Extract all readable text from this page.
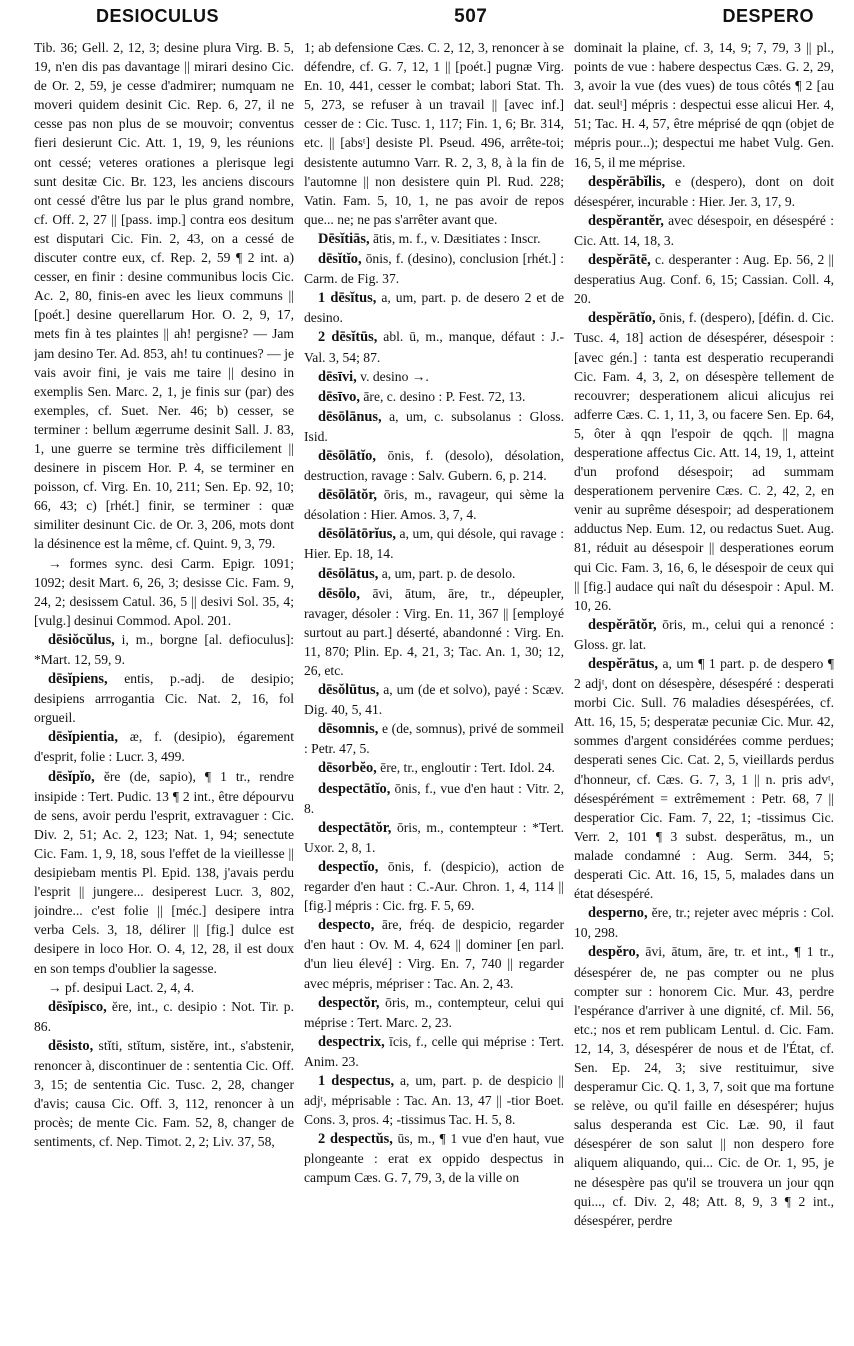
DESIOCULUS	507	DESPERO

Tib. 36; Gell. 2, 12, 3; desine plura Virg. B. 5, 19, n'en dis pas davantage || mirari desino Cic. de Or. 2, 59, je cesse d'admirer; numquam ne moveri quidem desinit Cic. Rep. 6, 27, il ne cesse pas non plus de se mouvoir; conventus fieri desierunt Cic. Att. 1, 19, 9, les réunions ont cessé; veteres orationes a plerisque legi sunt desitæ Cic. Br. 123, les anciens discours ont cessé d'être lus par le plus grand nombre, cf. Off. 2, 27 || [pass. imp.] contra eos desitum est disputari Cic. Fin. 2, 43, on a cessé de discuter contre eux, cf. Rep. 2, 59 ¶ 2 int. a) cesser, en finir : desine communibus locis Cic. Ac. 2, 80, finis-en avec les lieux communs || [poét.] desine querellarum Hor. O. 2, 9, 17, mets fin à tes plaintes || ah! pergisne? — Jam jam desino Ter. Ad. 853, ah! tu continues? — je vais avoir fini, je vais me taire || desino in exemplis Sen. Marc. 2, 1, je finis sur (par) des exemples, cf. Suet. Ner. 46; b) cesser, se terminer : bellum ægerrume desinit Sall. J. 83, 1, une guerre se termine très difficilement || desinere in piscem Hor. P. 4, se terminer en poisson, cf. Virg. En. 10, 211; Sen. Ep. 92, 10; 66, 43; c) [rhét.] finir, se terminer : quæ similiter desinunt Cic. de Or. 3, 206, mots dont la désinence est la même, cf. Quint. 9, 3, 79.

→ formes sync. desi Carm. Epigr. 1091; 1092; desit Mart. 6, 26, 3; desisse Cic. Fam. 9, 24, 2; desissem Catul. 36, 5 || desivi Sol. 35, 4; [vulg.] desinui Commod. Apol. 201.

dēsiŏcŭlus, i, m., borgne [al. defioculus]: *Mart. 12, 59, 9.

dēsĭpiens, entis, p.-adj. de desipio; desipiens arrrogantia Cic. Nat. 2, 16, fol orgueil.

dēsĭpientia, æ, f. (desipio), égarement d'esprit, folie : Lucr. 3, 499.

dēsĭpĭo, ĕre (de, sapio), ¶ 1 tr., rendre insipide : Tert. Pudic. 13 ¶ 2 int., être dépourvu de sens, avoir perdu l'esprit, extravaguer : Cic. Div. 2, 51; Ac. 2, 123; Nat. 1, 94; senectute Cic. Fam. 1, 9, 18, sous l'effet de la vieillesse || desipiebam mentis Pl. Epid. 138, j'avais perdu l'esprit || jungere... desiperest Lucr. 3, 802, joindre... c'est folie || [méc.] desipere intra verba Cels. 3, 18, délirer || [fig.] dulce est desipere in loco Hor. O. 4, 12, 28, il est doux en son temps d'oublier la sagesse.

→ pf. desipui Lact. 2, 4, 4.

dēsĭpisco, ĕre, int., c. desipio : Not. Tir. p. 86.

dēsisto, stĭti, stĭtum, sistĕre, int., s'abstenir, renoncer à, discontinuer de : sententia Cic. Off. 3, 15; de sententia Cic. Tusc. 2, 28, changer d'avis; causa Cic. Off. 3, 112, renoncer à un procès; de mente Cic. Fam. 52, 8, changer de sentiments, cf. Nep. Timot. 2, 2; Liv. 37, 58,

1; ab defensione Cæs. C. 2, 12, 3, renoncer à se défendre, cf. G. 7, 12, 1 || [poét.] pugnæ Virg. En. 10, 441, cesser le combat; labori Stat. Th. 5, 273, se refuser à un travail || [avec inf.] cesser de : Cic. Tusc. 1, 117; Fin. 1, 6; Br. 314, etc. || [absᵗ] desiste Pl. Pseud. 496, arrête-toi; desistente autumno Varr. R. 2, 3, 8, à la fin de l'automne || non desistere quin Pl. Rud. 228; Vatin. Fam. 5, 10, 1, ne pas avoir de repos que... ne; ne pas s'arrêter avant que.

Dēsĭtiās, ātis, m. f., v. Dæsitiates : Inscr.

dēsĭtĭo, ōnis, f. (desino), conclusion [rhét.] : Carm. de Fig. 37.

1 dēsĭtus, a, um, part. p. de desero 2 et de desino.

2 dēsĭtūs, abl. ū, m., manque, défaut : J.-Val. 3, 54; 87.

dēsīvi, v. desino →.

dēsīvo, āre, c. desino : P. Fest. 72, 13.

dēsōlānus, a, um, c. subsolanus : Gloss. Isid.

dēsōlātĭo, ōnis, f. (desolo), désolation, destruction, ravage : Salv. Gubern. 6, p. 214.

dēsōlātŏr, ōris, m., ravageur, qui sème la désolation : Hier. Amos. 3, 7, 4.

dēsōlātōrĭus, a, um, qui désole, qui ravage : Hier. Ep. 18, 14.

dēsōlātus, a, um, part. p. de desolo.

dēsōlo, āvi, ātum, āre, tr., dépeupler, ravager, désoler : Virg. En. 11, 367 || [employé surtout au part.] déserté, abandonné : Virg. En. 11, 870; Plin. Ep. 4, 21, 3; Tac. An. 1, 30; 12, 26, etc.

dēsŏlūtus, a, um (de et solvo), payé : Scæv. Dig. 40, 5, 41.

dēsomnis, e (de, somnus), privé de sommeil : Petr. 47, 5.

dēsorbĕo, ēre, tr., engloutir : Tert. Idol. 24.

despectātĭo, ōnis, f., vue d'en haut : Vitr. 2, 8.

despectātŏr, ōris, m., contempteur : *Tert. Uxor. 2, 8, 1.

despectĭo, ōnis, f. (despicio), action de regarder d'en haut : C.-Aur. Chron. 1, 4, 114 || [fig.] mépris : Cic. frg. F. 5, 69.

despecto, āre, fréq. de despicio, regarder d'en haut : Ov. M. 4, 624 || dominer [en parl. d'un lieu élevé] : Virg. En. 7, 740 || regarder avec mépris, mépriser : Tac. An. 2, 43.

despectŏr, ōris, m., contempteur, celui qui méprise : Tert. Marc. 2, 23.

despectrix, īcis, f., celle qui méprise : Tert. Anim. 23.

1 despectus, a, um, part. p. de despicio || adjᵗ, méprisable : Tac. An. 13, 47 || -tior Boet. Cons. 3, pros. 4; -tissimus Tac. H. 5, 8.

2 despectŭs, ūs, m., ¶ 1 vue d'en haut, vue plongeante : erat ex oppido despectus in campum Cæs. G. 7, 79, 3, de la ville on

dominait la plaine, cf. 3, 14, 9; 7, 79, 3 || pl., points de vue : habere despectus Cæs. G. 2, 29, 3, avoir la vue (des vues) de tous côtés ¶ 2 [au dat. seulᵗ] mépris : despectui esse alicui Her. 4, 51; Tac. H. 4, 57, être méprisé de qqn (objet de mépris pour...); despectui me habet Vulg. Gen. 16, 5, il me méprise.

despĕrābĭlis, e (despero), dont on doit désespérer, incurable : Hier. Jer. 3, 17, 9.

despĕrantĕr, avec désespoir, en désespéré : Cic. Att. 14, 18, 3.

despĕrātē, c. desperanter : Aug. Ep. 56, 2 || desperatius Aug. Conf. 6, 15; Cassian. Coll. 4, 20.

despĕrātĭo, ōnis, f. (despero), [défin. d. Cic. Tusc. 4, 18] action de désespérer, désespoir : [avec gén.] : tanta est desperatio recuperandi Cic. Fam. 4, 3, 2, on désespère tellement de recouvrer; desperationem alicui alicujus rei adferre Cæs. C. 1, 11, 3, ou facere Sen. Ep. 64, 5, ôter à qqn l'espoir de qqch. || magna desperatione affectus Cic. Att. 14, 19, 1, atteint d'un profond désespoir; ad summam desperationem pervenire Cæs. C. 2, 42, 2, en venir au suprême désespoir; ad desperationem adductus Nep. Eum. 12, ou redactus Suet. Aug. 81, réduit au désespoir || desperationes eorum qui Cic. Fam. 3, 16, 6, le désespoir de ceux qui || [fig.] audace qui naît du désespoir : Apul. M. 10, 26.

despĕrātŏr, ōris, m., celui qui a renoncé : Gloss. gr. lat.

despĕrātus, a, um ¶ 1 part. p. de despero ¶ 2 adjᵗ, dont on désespère, désespéré : desperati morbi Cic. Sull. 76 maladies désespérées, cf. Att. 16, 15, 5; desperatæ pecuniæ Cic. Mur. 42, sommes d'argent considérées comme perdues; desperati senes Cic. Cat. 2, 5, vieillards perdus d'honneur, cf. Cæs. G. 7, 3, 1 || n. pris advᵗ, désespérément = extrêmement : Petr. 68, 7 || desperatior Cic. Fam. 7, 22, 1; -tissimus Cic. Verr. 2, 101 ¶ 3 subst. desperātus, m., un malade condamné : Aug. Serm. 344, 5; desperati Cic. Att. 16, 15, 5, malades dans un état désespéré.

desperno, ĕre, tr.; rejeter avec mépris : Col. 10, 298.

despĕro, āvi, ātum, āre, tr. et int., ¶ 1 tr., désespérer de, ne pas compter ou ne plus compter sur : honorem Cic. Mur. 43, perdre l'espérance d'arriver à une dignité, cf. Mil. 56, etc.; nos et rem publicam Lentul. d. Cic. Fam. 12, 14, 3, désespérer de nous et de l'État, cf. Sen. Ep. 24, 3; sive restituimur, sive desperamur Cic. Q. 1, 3, 7, soit que ma fortune se relève, ou qu'il faille en désespérer; hujus salus desperanda est Cic. Læ. 90, il faut désespérer de son salut || non despero fore aliquem aliquando, qui... Cic. de Or. 1, 95, je ne désespère pas qu'il se trouvera un jour qqn qui..., cf. Div. 2, 48; Att. 8, 9, 3 ¶ 2 int., désespérer, perdre
